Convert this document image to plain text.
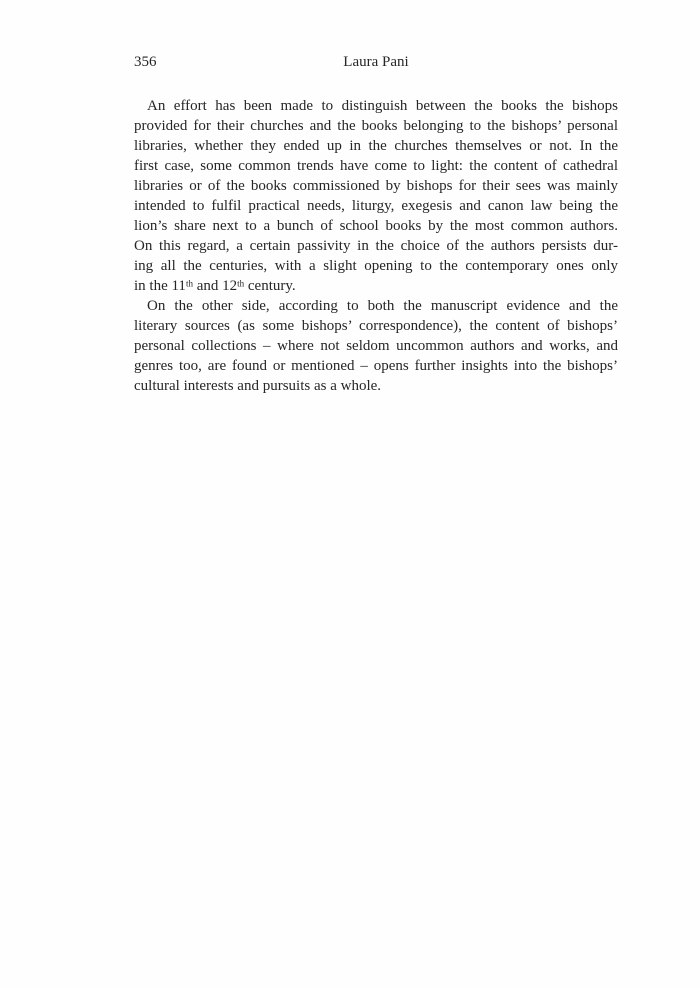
356	Laura Pani
An effort has been made to distinguish between the books the bishops
provided for their churches and the books belonging to the bishops’ personal
libraries, whether they ended up in the churches themselves or not. In the
first case, some common trends have come to light: the content of cathedral
libraries or of the books commissioned by bishops for their sees was mainly
intended to fulfil practical needs, liturgy, exegesis and canon law being the
lion’s share next to a bunch of school books by the most common authors.
On this regard, a certain passivity in the choice of the authors persists dur-
ing all the centuries, with a slight opening to the contemporary ones only
in the 11th and 12th century.
On the other side, according to both the manuscript evidence and the
literary sources (as some bishops’ correspondence), the content of bishops’
personal collections – where not seldom uncommon authors and works, and
genres too, are found or mentioned – opens further insights into the bishops’
cultural interests and pursuits as a whole.
